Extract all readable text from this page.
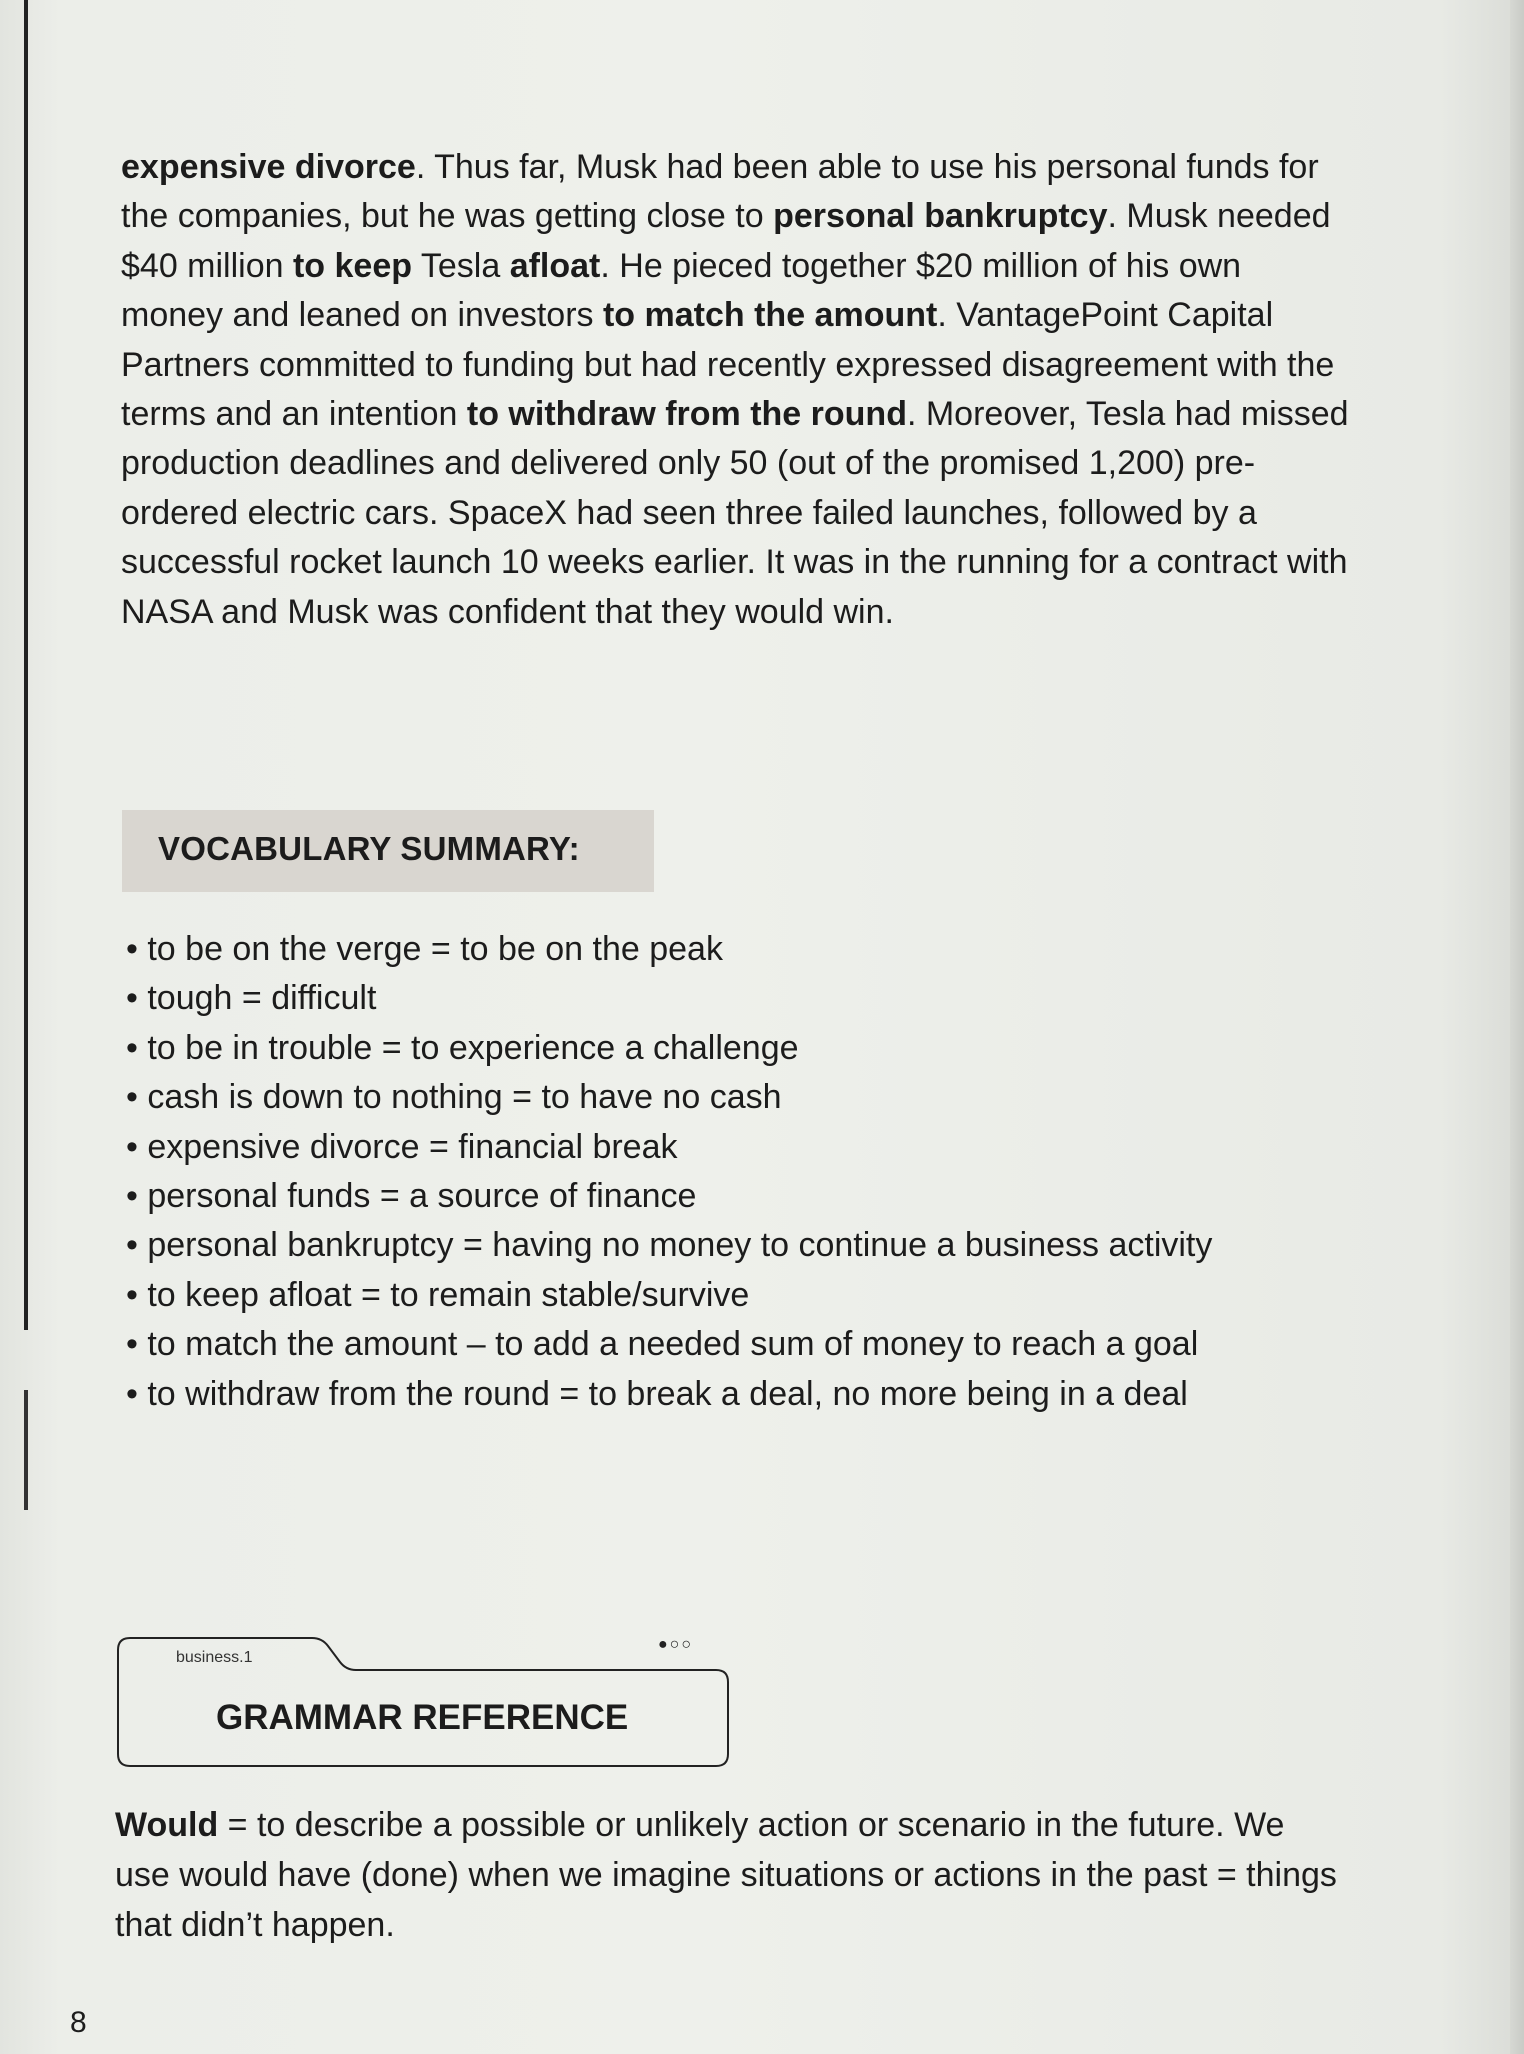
expensive divorce. Thus far, Musk had been able to use his personal funds for the companies, but he was getting close to personal bankruptcy. Musk needed $40 million to keep Tesla afloat. He pieced together $20 million of his own money and leaned on investors to match the amount. VantagePoint Capital Partners committed to funding but had recently expressed disagreement with the terms and an intention to withdraw from the round. Moreover, Tesla had missed production deadlines and delivered only 50 (out of the promised 1,200) pre-ordered electric cars. SpaceX had seen three failed launches, followed by a successful rocket launch 10 weeks earlier. It was in the running for a contract with NASA and Musk was confident that they would win.

VOCABULARY SUMMARY:
• to be on the verge = to be on the peak
• tough = difficult
• to be in trouble = to experience a challenge
• cash is down to nothing = to have no cash
• expensive divorce = financial break
• personal funds = a source of finance
• personal bankruptcy = having no money to continue a business activity
• to keep afloat = to remain stable/survive
• to match the amount – to add a needed sum of money to reach a goal
• to withdraw from the round = to break a deal, no more being in a deal
business.1
●○○
GRAMMAR REFERENCE

Would = to describe a possible or unlikely action or scenario in the future. We use would have (done) when we imagine situations or actions in the past = things that didn’t happen.

8
